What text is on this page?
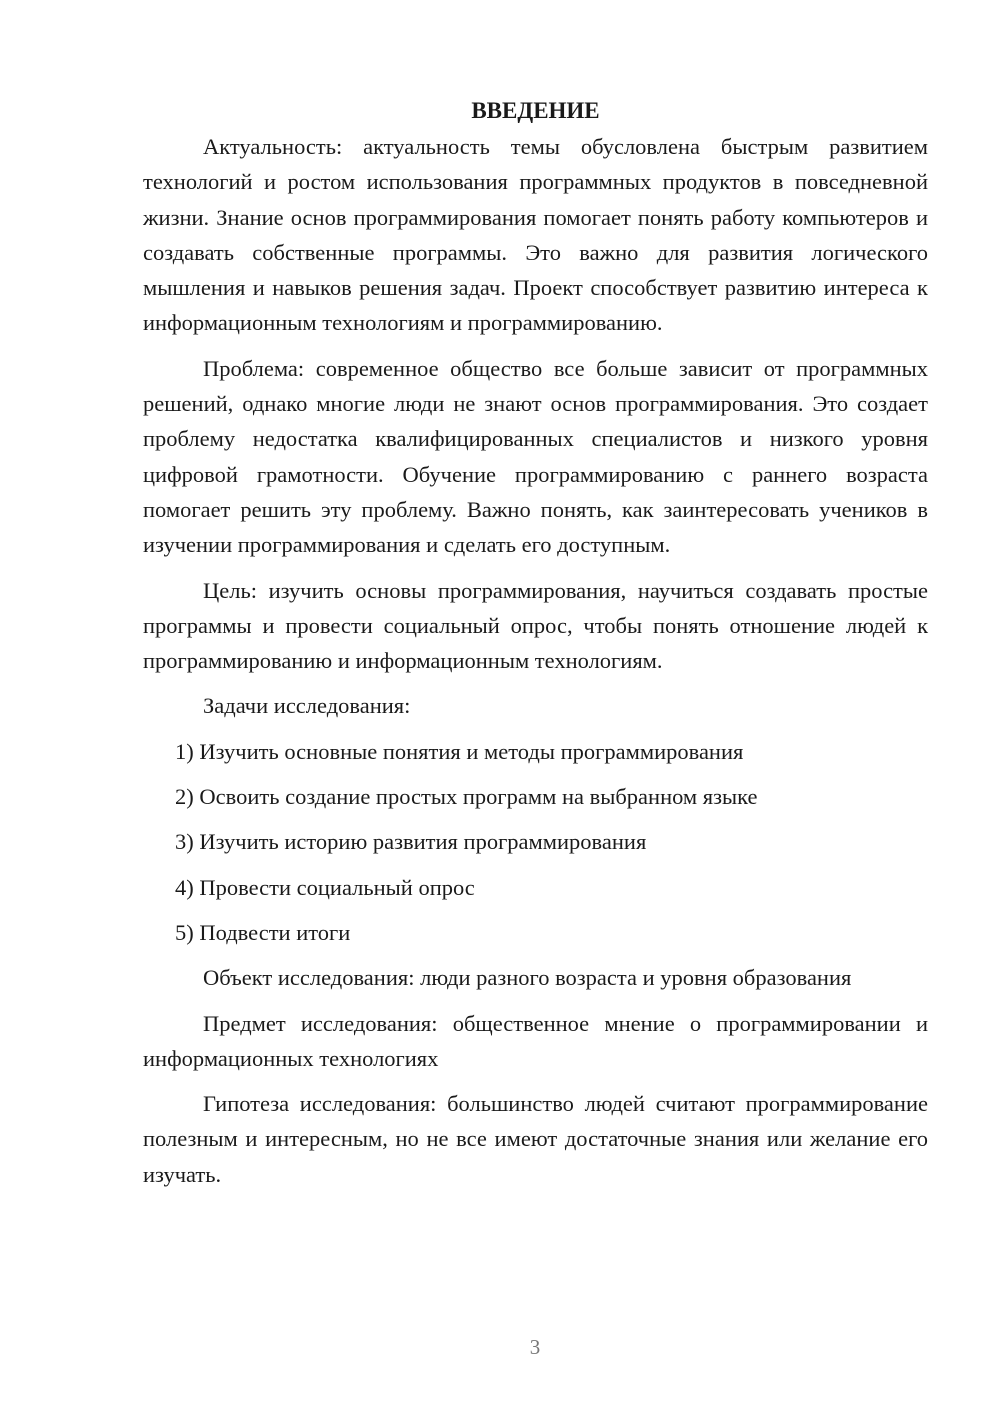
ВВЕДЕНИЕ

Актуальность: актуальность темы обусловлена быстрым развитием технологий и ростом использования программных продуктов в повседневной жизни. Знание основ программирования помогает понять работу компьютеров и создавать собственные программы. Это важно для развития логического мышления и навыков решения задач. Проект способствует развитию интереса к информационным технологиям и программированию.

Проблема: современное общество все больше зависит от программных решений, однако многие люди не знают основ программирования. Это создает проблему недостатка квалифицированных специалистов и низкого уровня цифровой грамотности. Обучение программированию с раннего возраста помогает решить эту проблему. Важно понять, как заинтересовать учеников в изучении программирования и сделать его доступным.

Цель: изучить основы программирования, научиться создавать простые программы и провести социальный опрос, чтобы понять отношение людей к программированию и информационным технологиям.

Задачи исследования:

1) Изучить основные понятия и методы программирования
2) Освоить создание простых программ на выбранном языке
3) Изучить историю развития программирования
4) Провести социальный опрос
5) Подвести итоги

Объект исследования: люди разного возраста и уровня образования

Предмет исследования: общественное мнение о программировании и информационных технологиях

Гипотеза исследования: большинство людей считают программирование полезным и интересным, но не все имеют достаточные знания или желание его изучать.

3
